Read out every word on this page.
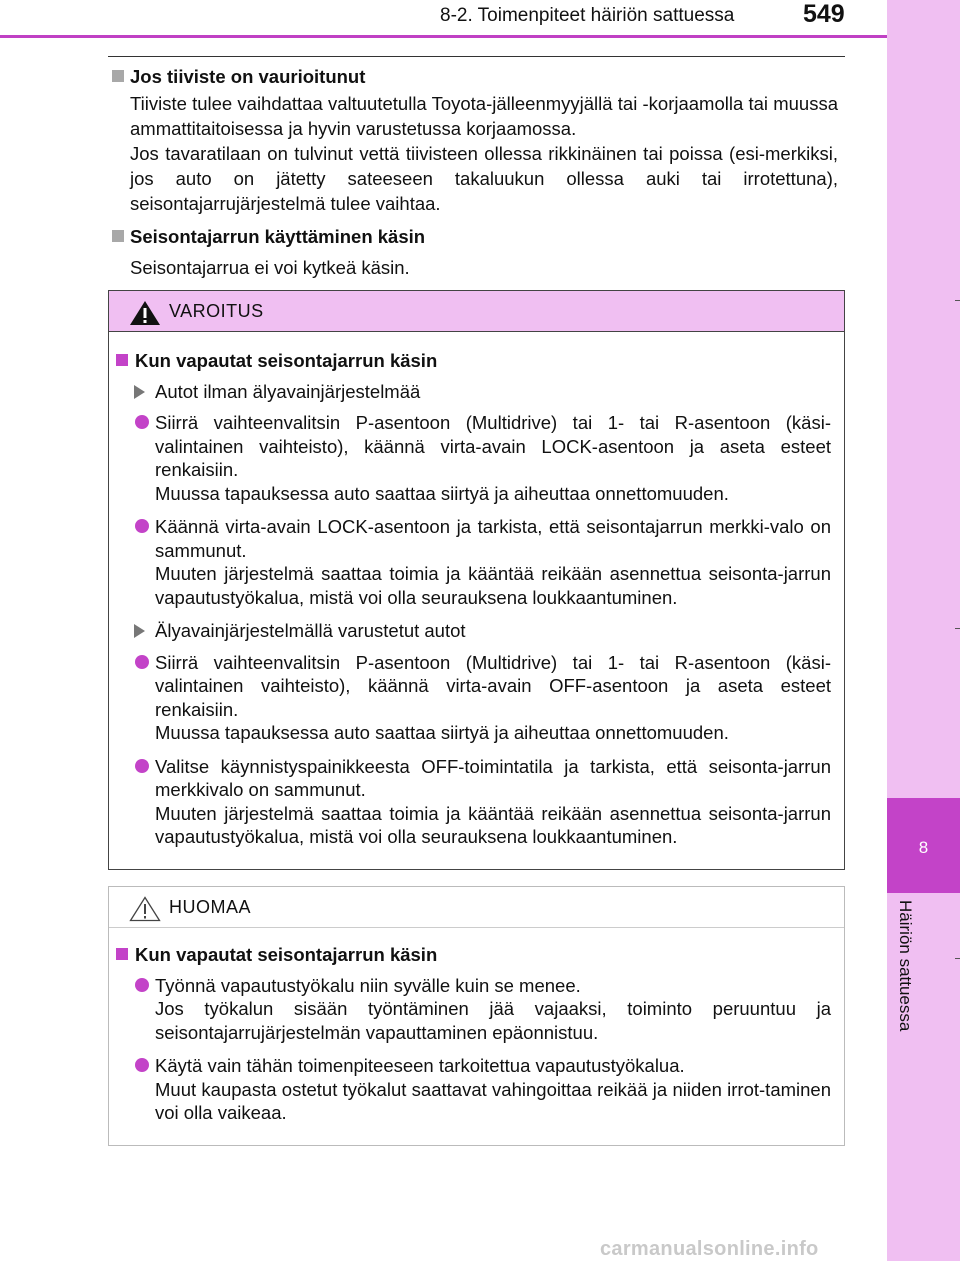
8-2. Toimenpiteet häiriön sattuessa	549
8
Häiriön sattuessa

Jos tiiviste on vaurioitunut

Tiiviste tulee vaihdattaa valtuutetulla Toyota-jälleenmyyjällä tai -korjaamolla tai muussa ammattitaitoisessa ja hyvin varustetussa korjaamossa.

Jos tavaratilaan on tulvinut vettä tiivisteen ollessa rikkinäinen tai poissa (esi-merkiksi, jos auto on jätetty sateeseen takaluukun ollessa auki tai irrotettuna), seisontajarrujärjestelmä tulee vaihtaa.

Seisontajarrun käyttäminen käsin

Seisontajarrua ei voi kytkeä käsin.

VAROITUS

Kun vapautat seisontajarrun käsin

Autot ilman älyavainjärjestelmää

Siirrä vaihteenvalitsin P-asentoon (Multidrive) tai 1- tai R-asentoon (käsi-valintainen vaihteisto), käännä virta-avain LOCK-asentoon ja aseta esteet renkaisiin.
Muussa tapauksessa auto saattaa siirtyä ja aiheuttaa onnettomuuden.
Käännä virta-avain LOCK-asentoon ja tarkista, että seisontajarrun merkki-valo on sammunut.
Muuten järjestelmä saattaa toimia ja kääntää reikään asennettua seisonta-jarrun vapautustyökalua, mistä voi olla seurauksena loukkaantuminen.

Älyavainjärjestelmällä varustetut autot

Siirrä vaihteenvalitsin P-asentoon (Multidrive) tai 1- tai R-asentoon (käsi-valintainen vaihteisto), käännä virta-avain OFF-asentoon ja aseta esteet renkaisiin.
Muussa tapauksessa auto saattaa siirtyä ja aiheuttaa onnettomuuden.
Valitse käynnistyspainikkeesta OFF-toimintatila ja tarkista, että seisonta-jarrun merkkivalo on sammunut.
Muuten järjestelmä saattaa toimia ja kääntää reikään asennettua seisonta-jarrun vapautustyökalua, mistä voi olla seurauksena loukkaantuminen.
HUOMAA

Kun vapautat seisontajarrun käsin

Työnnä vapautustyökalu niin syvälle kuin se menee.
Jos työkalun sisään työntäminen jää vajaaksi, toiminto peruuntuu ja seisontajarrujärjestelmän vapauttaminen epäonnistuu.
Käytä vain tähän toimenpiteeseen tarkoitettua vapautustyökalua.
Muut kaupasta ostetut työkalut saattavat vahingoittaa reikää ja niiden irrot-taminen voi olla vaikeaa.
carmanualsonline.info
